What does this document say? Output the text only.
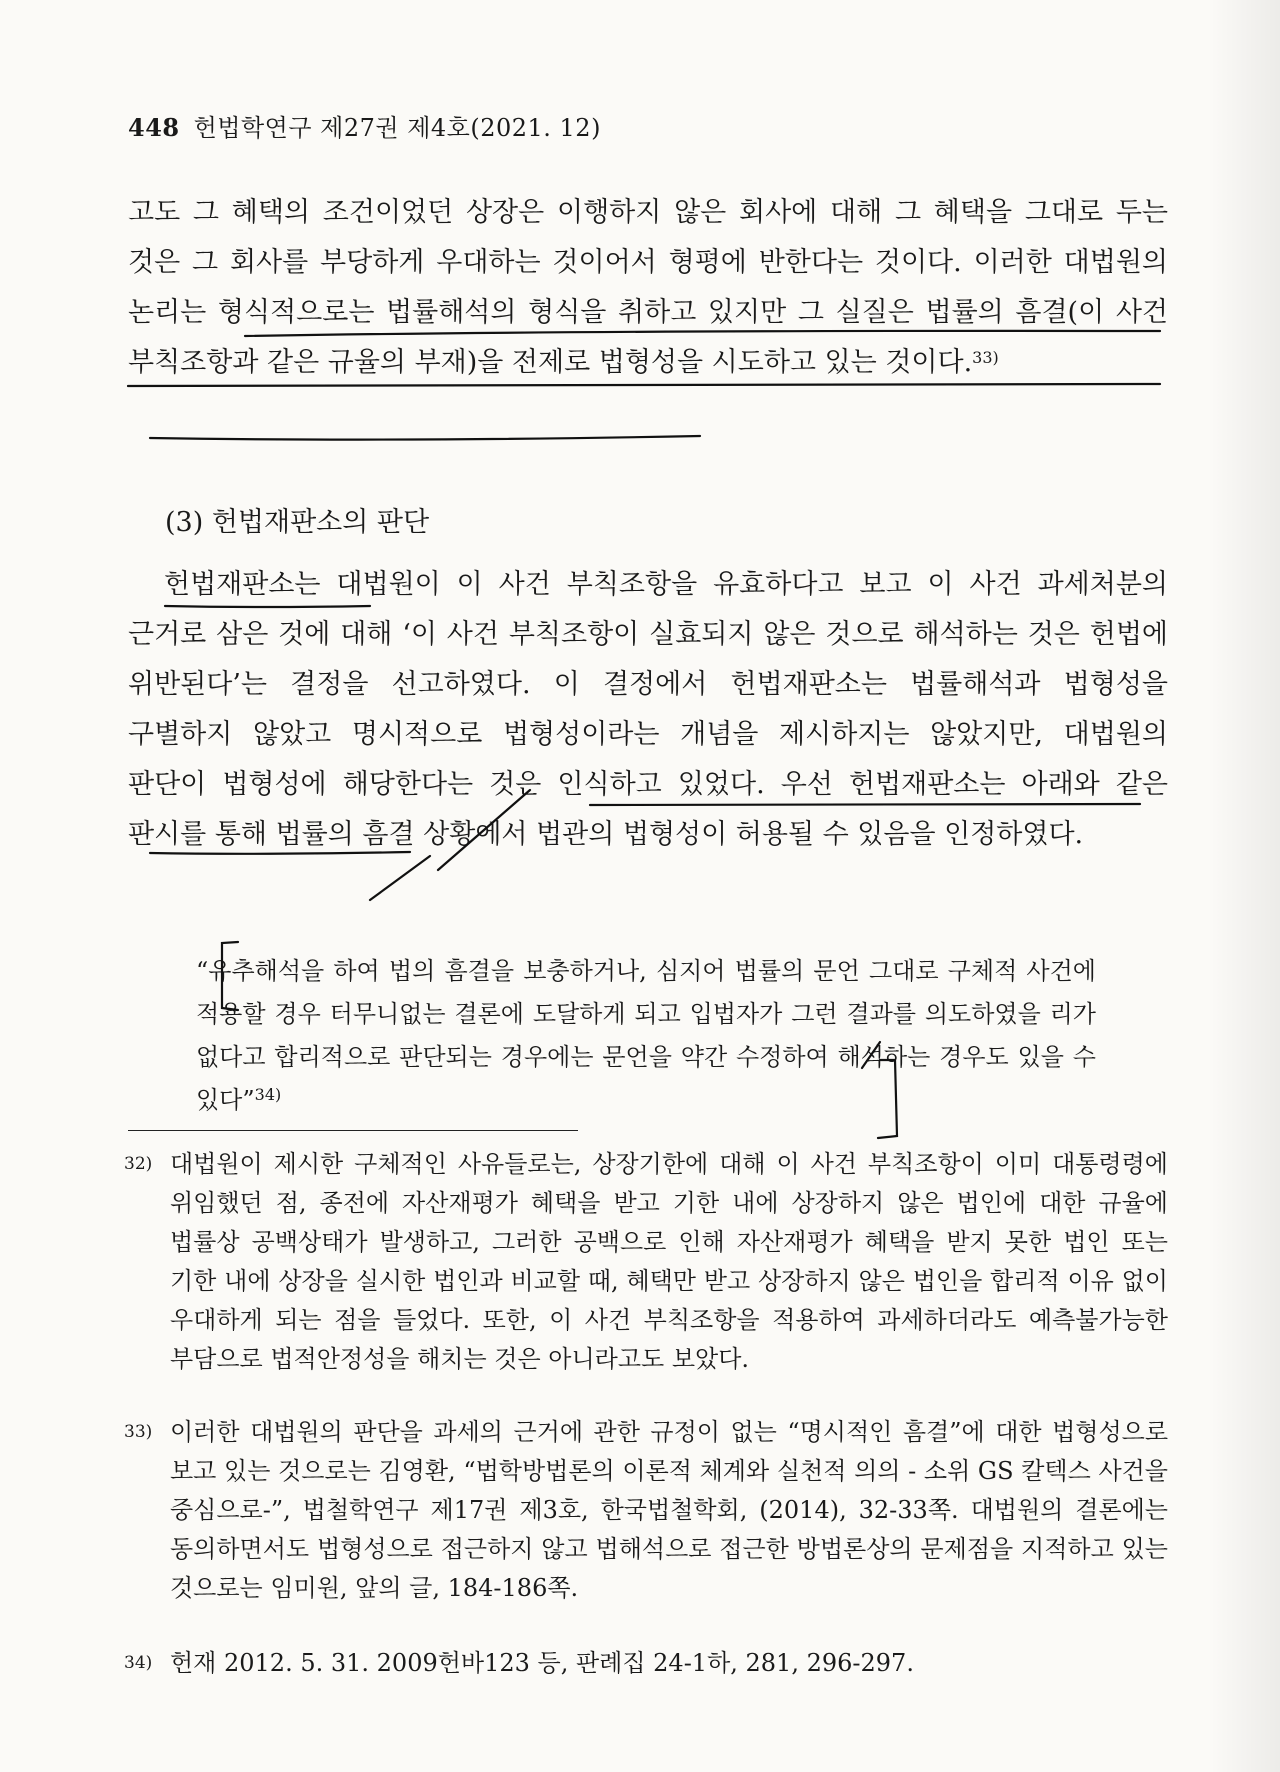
448 헌법학연구 제27권 제4호(2021. 12)
고도 그 혜택의 조건이었던 상장은 이행하지 않은 회사에 대해 그 혜택을 그대로 두는 것은 그 회사를 부당하게 우대하는 것이어서 형평에 반한다는 것이다. 이러한 대법원의 논리는 형식적으로는 법률해석의 형식을 취하고 있지만 그 실질은 법률의 흠결(이 사건 부칙조항과 같은 규율의 부재)을 전제로 법형성을 시도하고 있는 것이다.$^{33)}$
(3) 헌법재판소의 판단
헌법재판소는 대법원이 이 사건 부칙조항을 유효하다고 보고 이 사건 과세처분의 근거로 삼은 것에 대해 ‘이 사건 부칙조항이 실효되지 않은 것으로 해석하는 것은 헌법에 위반된다’는 결정을 선고하였다. 이 결정에서 헌법재판소는 법률해석과 법형성을 구별하지 않았고 명시적으로 법형성이라는 개념을 제시하지는 않았지만, 대법원의 판단이 법형성에 해당한다는 것은 인식하고 있었다. 우선 헌법재판소는 아래와 같은 판시를 통해 법률의 흠결 상황에서 법관의 법형성이 허용될 수 있음을 인정하였다.
“유추해석을 하여 법의 흠결을 보충하거나, 심지어 법률의 문언 그대로 구체적 사건에 적용할 경우 터무니없는 결론에 도달하게 되고 입법자가 그런 결과를 의도하였을 리가 없다고 합리적으로 판단되는 경우에는 문언을 약간 수정하여 해석하는 경우도 있을 수 있다”$^{34)}$
32) 대법원이 제시한 구체적인 사유들로는, 상장기한에 대해 이 사건 부칙조항이 이미 대통령령에 위임했던 점, 종전에 자산재평가 혜택을 받고 기한 내에 상장하지 않은 법인에 대한 규율에 법률상 공백상태가 발생하고, 그러한 공백으로 인해 자산재평가 혜택을 받지 못한 법인 또는 기한 내에 상장을 실시한 법인과 비교할 때, 혜택만 받고 상장하지 않은 법인을 합리적 이유 없이 우대하게 되는 점을 들었다. 또한, 이 사건 부칙조항을 적용하여 과세하더라도 예측불가능한 부담으로 법적안정성을 해치는 것은 아니라고도 보았다.
33) 이러한 대법원의 판단을 과세의 근거에 관한 규정이 없는 “명시적인 흠결”에 대한 법형성으로 보고 있는 것으로는 김영환, “법학방법론의 이론적 체계와 실천적 의의 - 소위 GS 칼텍스 사건을 중심으로-”, 법철학연구 제17권 제3호, 한국법철학회, (2014), 32-33쪽. 대법원의 결론에는 동의하면서도 법형성으로 접근하지 않고 법해석으로 접근한 방법론상의 문제점을 지적하고 있는 것으로는 임미원, 앞의 글, 184-186쪽.
34) 헌재 2012. 5. 31. 2009헌바123 등, 판례집 24-1하, 281, 296-297.
